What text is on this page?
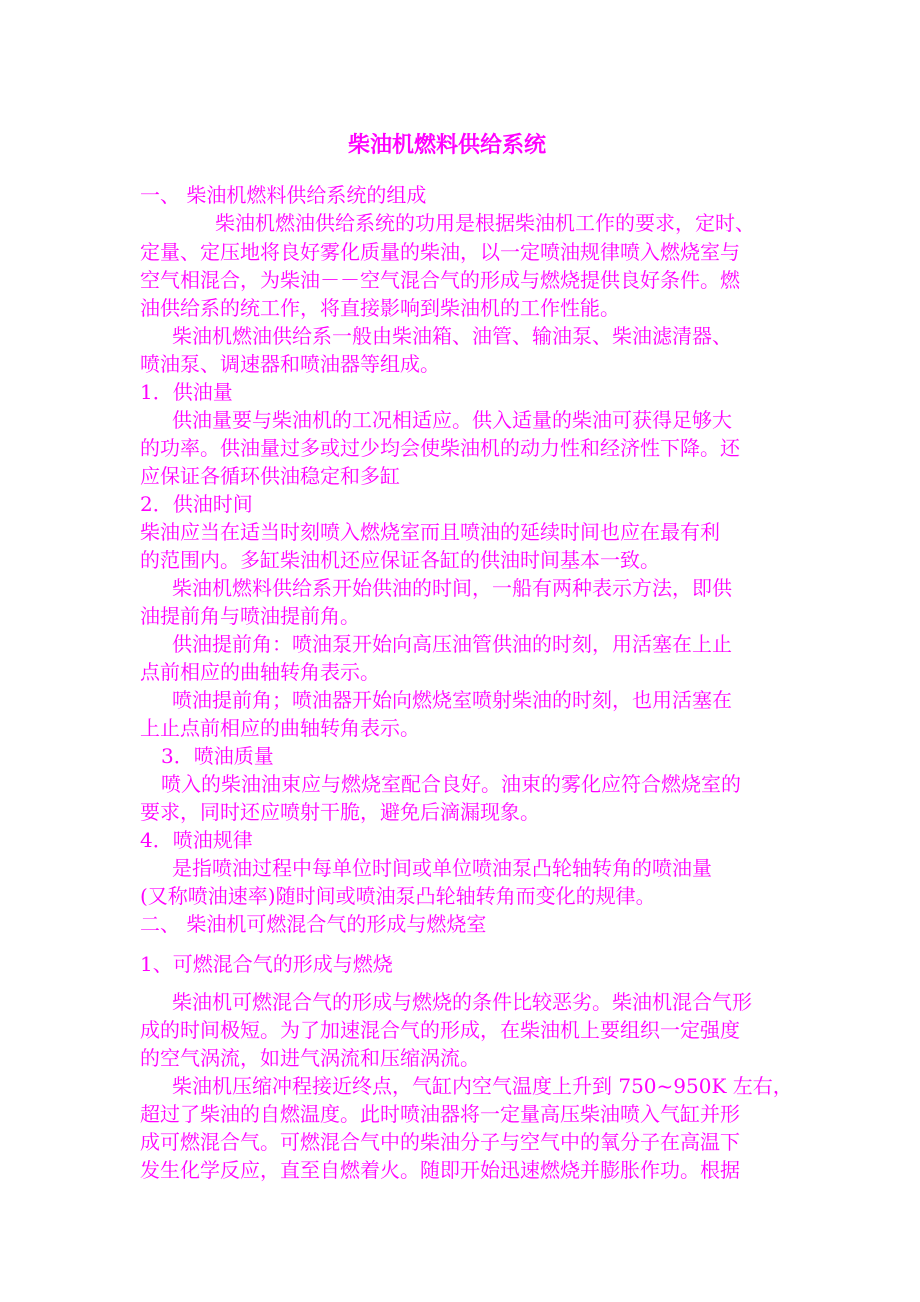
柴油机燃料供给系统

一、 柴油机燃料供给系统的组成

柴油机燃油供给系统的功用是根据柴油机工作的要求，定时、

定量、定压地将良好雾化质量的柴油，以一定喷油规律喷入燃烧室与

空气相混合，为柴油－－空气混合气的形成与燃烧提供良好条件。燃

油供给系的统工作，将直接影响到柴油机的工作性能。

柴油机燃油供给系一般由柴油箱、油管、输油泵、柴油滤清器、

喷油泵、调速器和喷油器等组成。

1．供油量

供油量要与柴油机的工况相适应。供入适量的柴油可获得足够大

的功率。供油量过多或过少均会使柴油机的动力性和经济性下降。还

应保证各循环供油稳定和多缸

2．供油时间

柴油应当在适当时刻喷入燃烧室而且喷油的延续时间也应在最有利

的范围内。多缸柴油机还应保证各缸的供油时间基本一致。

柴油机燃料供给系开始供油的时间，一船有两种表示方法，即供

油提前角与喷油提前角。

供油提前角：喷油泵开始向高压油管供油的时刻，用活塞在上止

点前相应的曲轴转角表示。

喷油提前角；喷油器开始向燃烧室喷射柴油的时刻，也用活塞在

上止点前相应的曲轴转角表示。

3．喷油质量

喷入的柴油油束应与燃烧室配合良好。油束的雾化应符合燃烧室的

要求，同时还应喷射干脆，避免后滴漏现象。

4．喷油规律

是指喷油过程中每单位时间或单位喷油泵凸轮轴转角的喷油量

(又称喷油速率)随时间或喷油泵凸轮轴转角而变化的规律。

二、 柴油机可燃混合气的形成与燃烧室

1、可燃混合气的形成与燃烧

柴油机可燃混合气的形成与燃烧的条件比较恶劣。柴油机混合气形

成的时间极短。为了加速混合气的形成，在柴油机上要组织一定强度

的空气涡流，如进气涡流和压缩涡流。

柴油机压缩冲程接近终点，气缸内空气温度上升到 750~950K 左右，

超过了柴油的自燃温度。此时喷油器将一定量高压柴油喷入气缸并形

成可燃混合气。可燃混合气中的柴油分子与空气中的氧分子在高温下

发生化学反应，直至自燃着火。随即开始迅速燃烧并膨胀作功。根据
